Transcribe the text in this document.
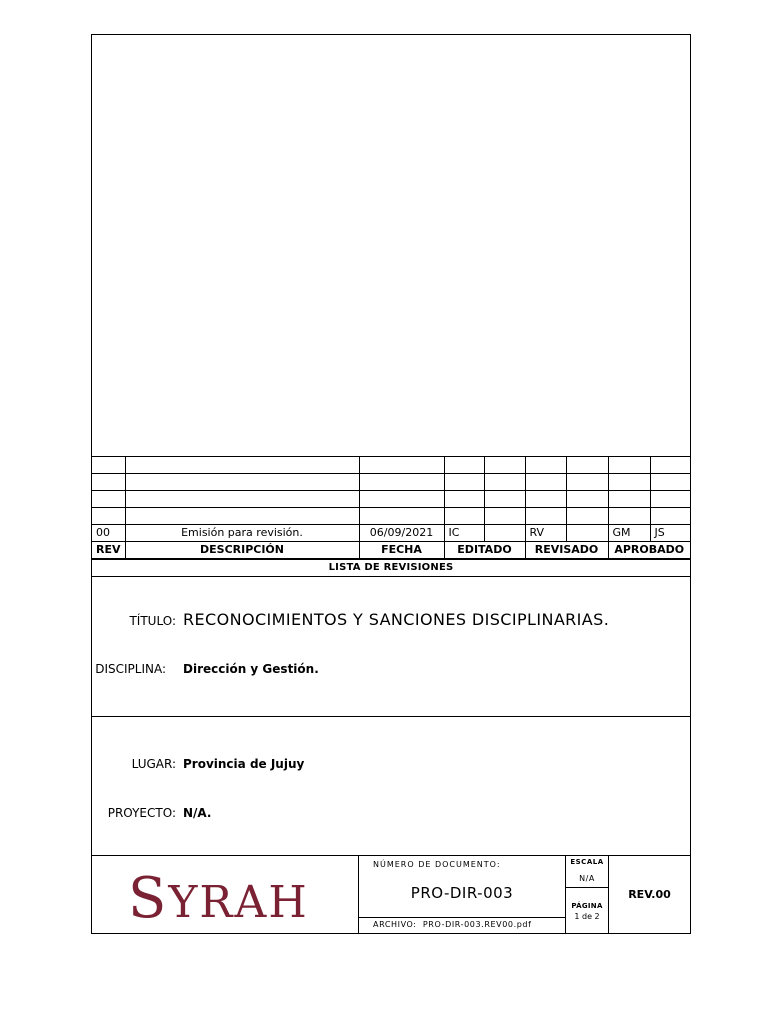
00	Emisión para revisión.	06/09/2021	IC		RV		GM	JS
REV	DESCRIPCIÓN	FECHA	EDITADO		REVISADO		APROBADO	
LISTA DE REVISIONES
TÍTULO: RECONOCIMIENTOS Y SANCIONES DISCIPLINARIAS.
DISCIPLINA: Dirección y Gestión.
LUGAR: Provincia de Jujuy
PROYECTO: N/A.
SYRAH
NÚMERO DE DOCUMENTO:
PRO-DIR-003
ARCHIVO: PRO-DIR-003.REV00.pdf
ESCALA
N/A
PÁGINA
1 de 2
REV.00
